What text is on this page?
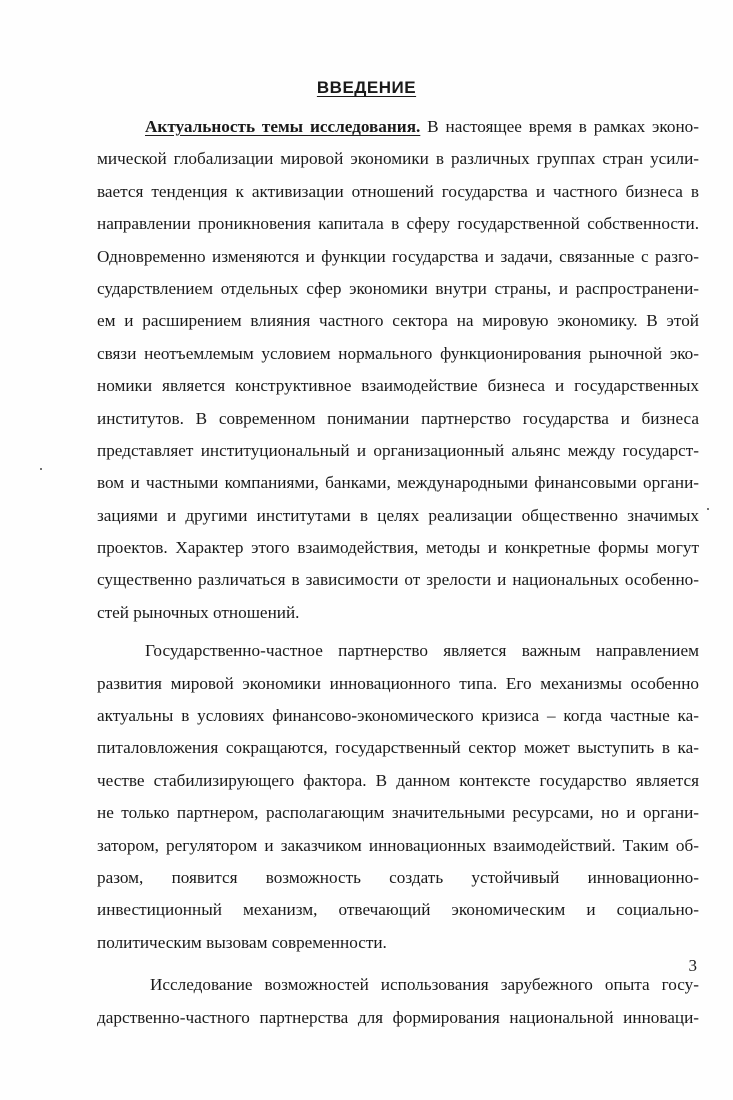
ВВЕДЕНИЕ
Актуальность темы исследования. В настоящее время в рамках эконо-
мической глобализации мировой экономики в различных группах стран усили-
вается тенденция к активизации отношений государства и частного бизнеса в
направлении проникновения капитала в сферу государственной собственности.
Одновременно изменяются и функции государства и задачи, связанные с разго-
сударствлением отдельных сфер экономики внутри страны, и распространени-
ем и расширением влияния частного сектора на мировую экономику. В этой
связи неотъемлемым условием нормального функционирования рыночной эко-
номики является конструктивное взаимодействие бизнеса и государственных
институтов. В современном понимании партнерство государства и бизнеса
представляет институциональный и организационный альянс между государст-
вом и частными компаниями, банками, международными финансовыми органи-
зациями и другими институтами в целях реализации общественно значимых
проектов. Характер этого взаимодействия, методы и конкретные формы могут
существенно различаться в зависимости от зрелости и национальных особенно-
стей рыночных отношений.
Государственно-частное партнерство является важным направлением
развития мировой экономики инновационного типа. Его механизмы особенно
актуальны в условиях финансово-экономического кризиса – когда частные ка-
питаловложения сокращаются, государственный сектор может выступить в ка-
честве стабилизирующего фактора. В данном контексте государство является
не только партнером, располагающим значительными ресурсами, но и органи-
затором, регулятором и заказчиком инновационных взаимодействий. Таким об-
разом, появится возможность создать устойчивый инновационно-
инвестиционный механизм, отвечающий экономическим и социально-
политическим вызовам современности.
Исследование возможностей использования зарубежного опыта госу-
дарственно-частного партнерства для формирования национальной инноваци-
3
